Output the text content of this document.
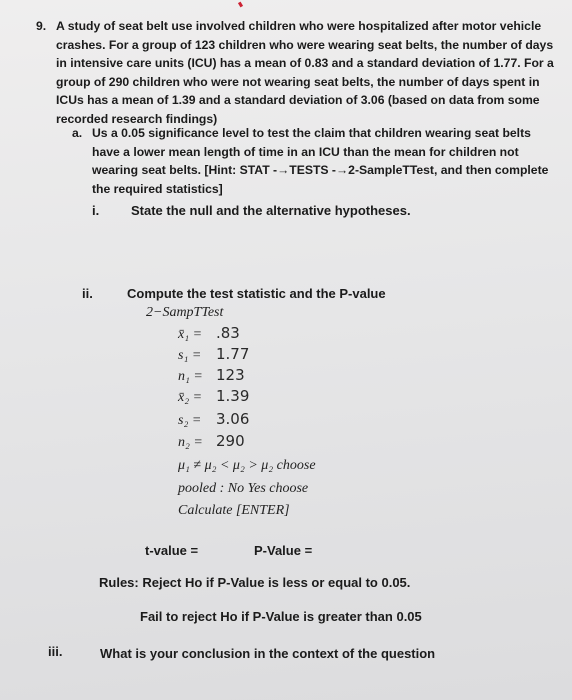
9. A study of seat belt use involved children who were hospitalized after motor vehicle crashes. For a group of 123 children who were wearing seat belts, the number of days in intensive care units (ICU) has a mean of 0.83 and a standard deviation of 1.77. For a group of 290 children who were not wearing seat belts, the number of days spent in ICUs has a mean of 1.39 and a standard deviation of 3.06 (based on data from some recorded research findings)
a. Us a 0.05 significance level to test the claim that children wearing seat belts have a lower mean length of time in an ICU than the mean for children not wearing seat belts. [Hint: STAT -→TESTS -→2-SampleTTest, and then complete the required statistics]
i. State the null and the alternative hypotheses.
ii.	Compute the test statistic and the P-value
2−SampTTest
x̄₁ = .83
s₁ = 1.77
n₁ = 123
x̄₂ = 1.39
s₂ = 3.06
n₂ = 290
μ₁ ≠ μ₂ < μ₂ > μ₂ choose
pooled : No Yes choose
Calculate [ENTER]
t-value =	P-Value =
Rules: Reject Ho if P-Value is less or equal to 0.05.
Fail to reject Ho if P-Value is greater than 0.05
iii.	What is your conclusion in the context of the question
